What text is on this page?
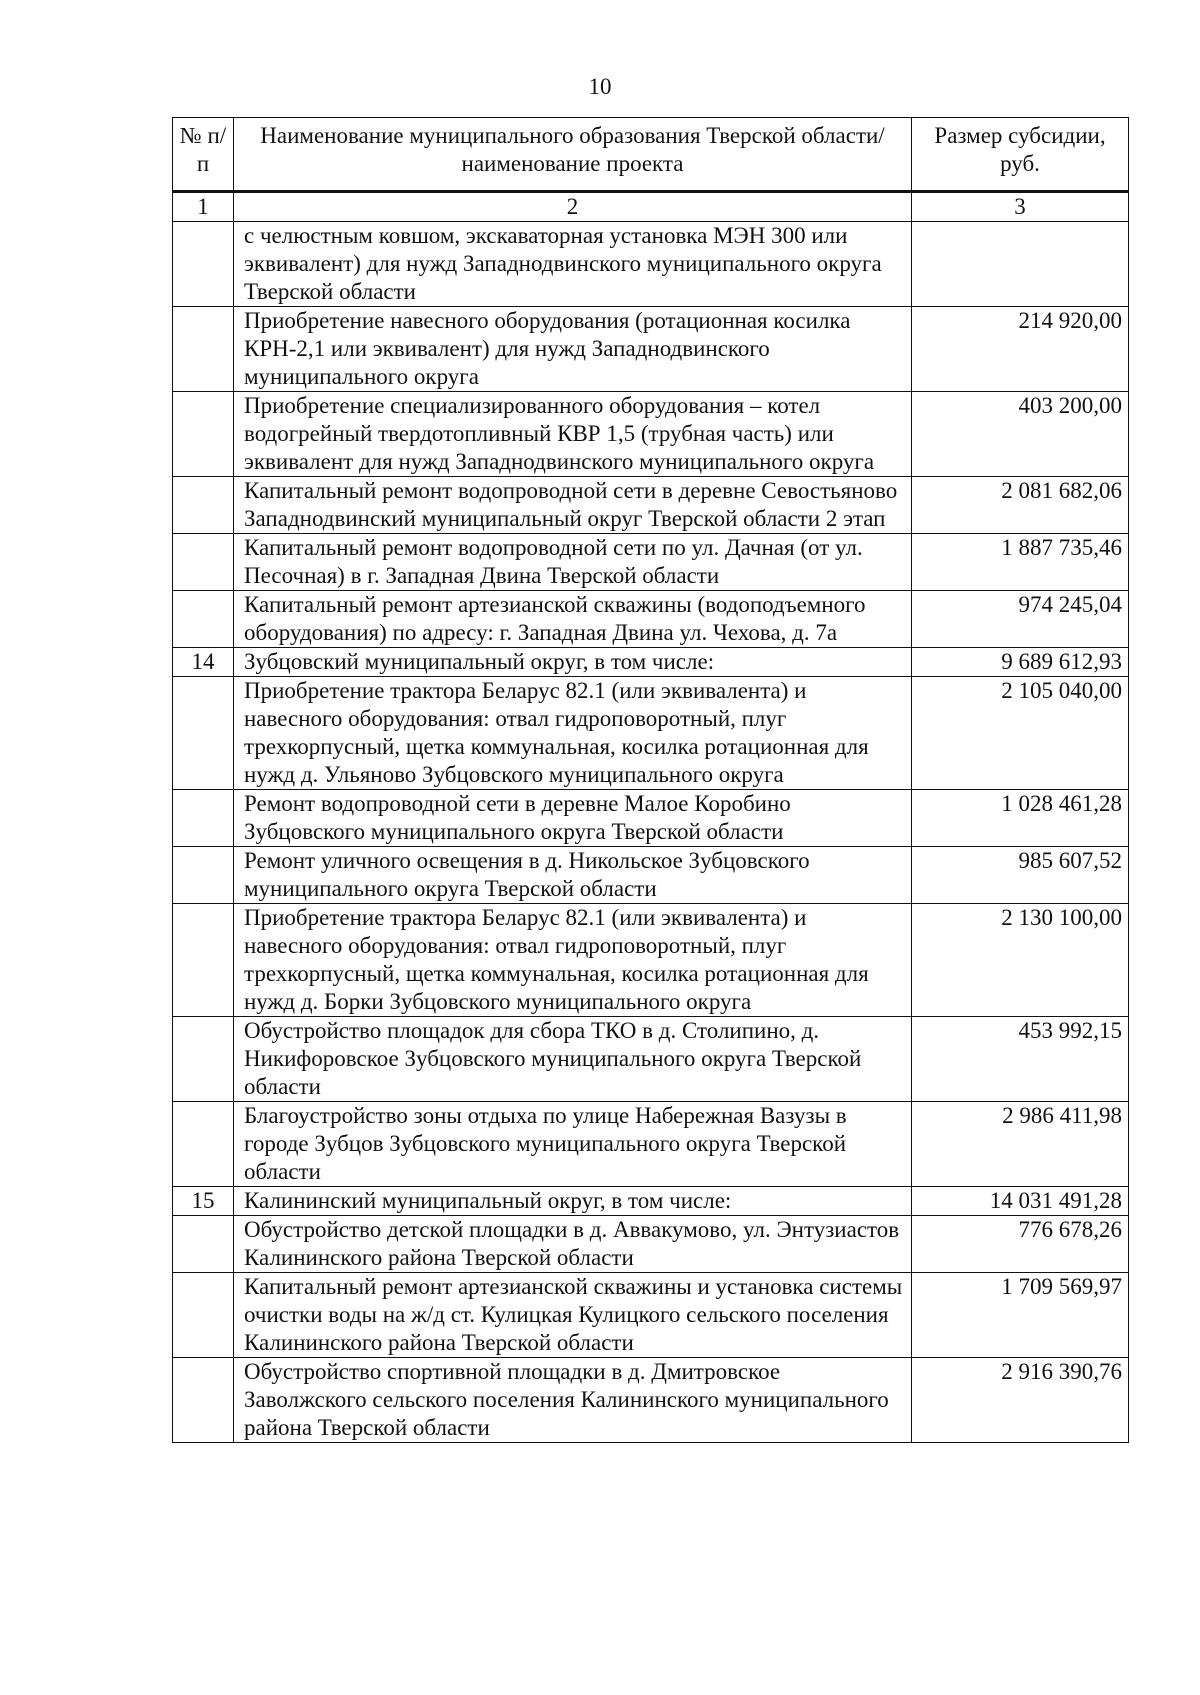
10
№ п/п	Наименование муниципального образования Тверской области/наименование проекта	Размер субсидии, руб.
1	2	3
	с челюстным ковшом, экскаваторная установка МЭН 300 или эквивалент) для нужд Западнодвинского муниципального округа Тверской области	
	Приобретение навесного оборудования (ротационная косилка КРН-2,1 или эквивалент) для нужд Западнодвинского муниципального округа	214 920,00
	Приобретение специализированного оборудования – котел водогрейный твердотопливный КВР 1,5 (трубная часть) или эквивалент для нужд Западнодвинского муниципального округа	403 200,00
	Капитальный ремонт водопроводной сети в деревне Севостьяново Западнодвинский муниципальный округ Тверской области 2 этап	2 081 682,06
	Капитальный ремонт водопроводной сети по ул. Дачная (от ул. Песочная) в г. Западная Двина Тверской области	1 887 735,46
	Капитальный ремонт артезианской скважины (водоподъемного оборудования) по адресу: г. Западная Двина ул. Чехова, д. 7а	974 245,04
14	Зубцовский муниципальный округ, в том числе:	9 689 612,93
	Приобретение трактора Беларус 82.1 (или эквивалента) и навесного оборудования: отвал гидроповоротный, плуг трехкорпусный, щетка коммунальная, косилка ротационная для нужд д. Ульяново Зубцовского муниципального округа	2 105 040,00
	Ремонт водопроводной сети в деревне Малое Коробино Зубцовского муниципального округа Тверской области	1 028 461,28
	Ремонт уличного освещения в д. Никольское Зубцовского муниципального округа Тверской области	985 607,52
	Приобретение трактора Беларус 82.1 (или эквивалента) и навесного оборудования: отвал гидроповоротный, плуг трехкорпусный, щетка коммунальная, косилка ротационная для нужд д. Борки Зубцовского муниципального округа	2 130 100,00
	Обустройство площадок для сбора ТКО в д. Столипино, д. Никифоровское Зубцовского муниципального округа Тверской области	453 992,15
	Благоустройство зоны отдыха по улице Набережная Вазузы в городе Зубцов Зубцовского муниципального округа Тверской области	2 986 411,98
15	Калининский муниципальный округ, в том числе:	14 031 491,28
	Обустройство детской площадки в д. Аввакумово, ул. Энтузиастов Калининского района Тверской области	776 678,26
	Капитальный ремонт артезианской скважины и установка системы очистки воды на ж/д ст. Кулицкая Кулицкого сельского поселения Калининского района Тверской области	1 709 569,97
	Обустройство спортивной площадки в д. Дмитровское Заволжского сельского поселения Калининского муниципального района Тверской области	2 916 390,76
